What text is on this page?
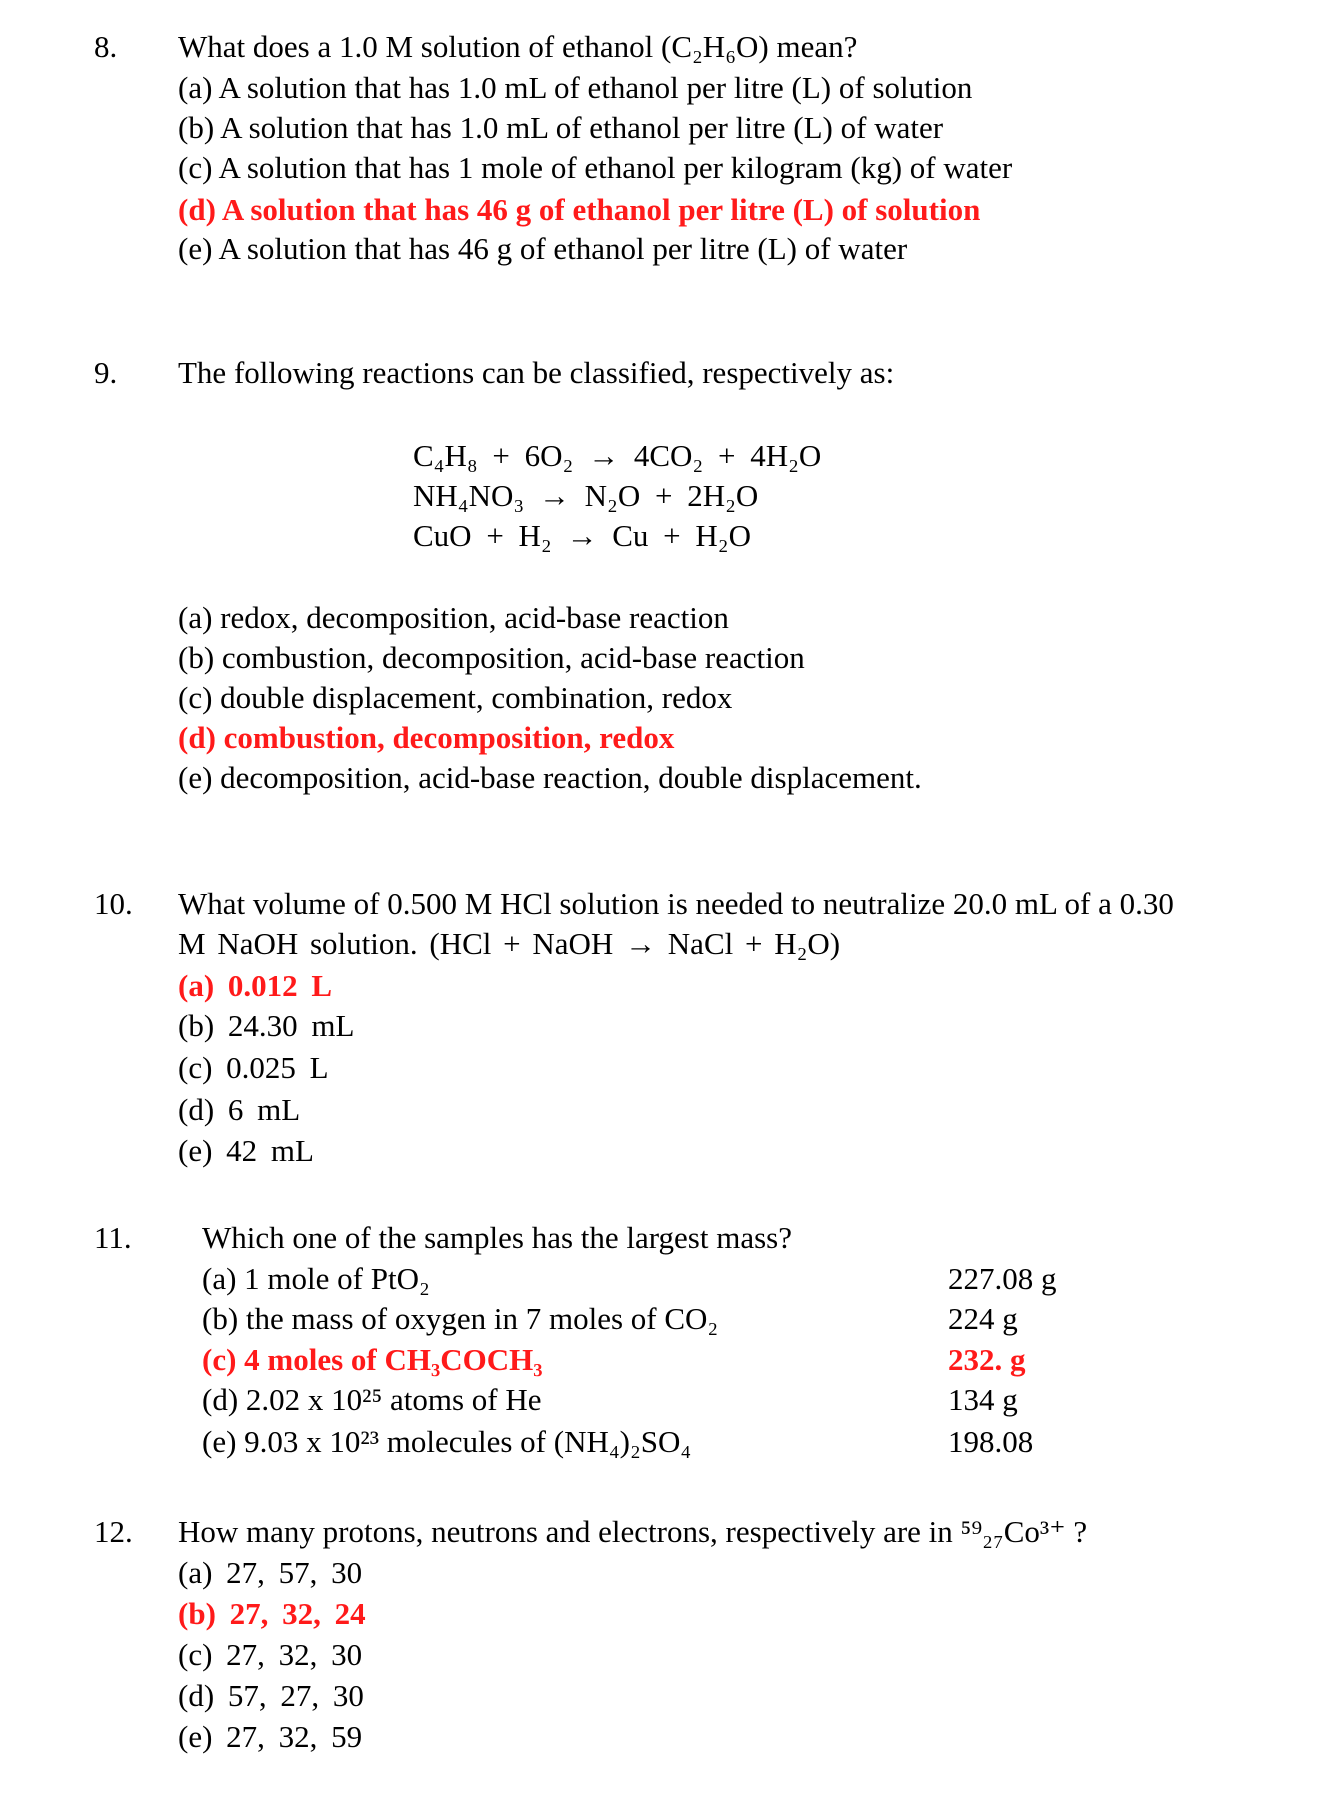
8. What does a 1.0 M solution of ethanol (C₂H₆O) mean?
(a) A solution that has 1.0 mL of ethanol per litre (L) of solution
(b) A solution that has 1.0 mL of ethanol per litre (L) of water
(c) A solution that has 1 mole of ethanol per kilogram (kg) of water
(d) A solution that has 46 g of ethanol per litre (L) of solution
(e) A solution that has 46 g of ethanol per litre (L) of water
9. The following reactions can be classified, respectively as:
C₄H₈ + 6O₂ → 4CO₂ + 4H₂O
NH₄NO₃ → N₂O + 2H₂O
CuO + H₂ → Cu + H₂O
(a) redox, decomposition, acid-base reaction
(b) combustion, decomposition, acid-base reaction
(c) double displacement, combination, redox
(d) combustion, decomposition, redox
(e) decomposition, acid-base reaction, double displacement.
10. What volume of 0.500 M HCl solution is needed to neutralize 20.0 mL of a 0.30
M NaOH solution. (HCl + NaOH → NaCl + H₂O)
(a) 0.012 L
(b) 24.30 mL
(c) 0.025 L
(d) 6 mL
(e) 42 mL
11. Which one of the samples has the largest mass?
(a) 1 mole of PtO₂
(b) the mass of oxygen in 7 moles of CO₂
(c) 4 moles of CH₃COCH₃
(d) 2.02 x 10²⁵ atoms of He
(e) 9.03 x 10²³ molecules of (NH₄)₂SO₄
227.08 g
224 g
232. g
134 g
198.08
12. How many protons, neutrons and electrons, respectively are in ⁵⁹₂₇Co³⁺ ?
(a) 27, 57, 30
(b) 27, 32, 24
(c) 27, 32, 30
(d) 57, 27, 30
(e) 27, 32, 59
